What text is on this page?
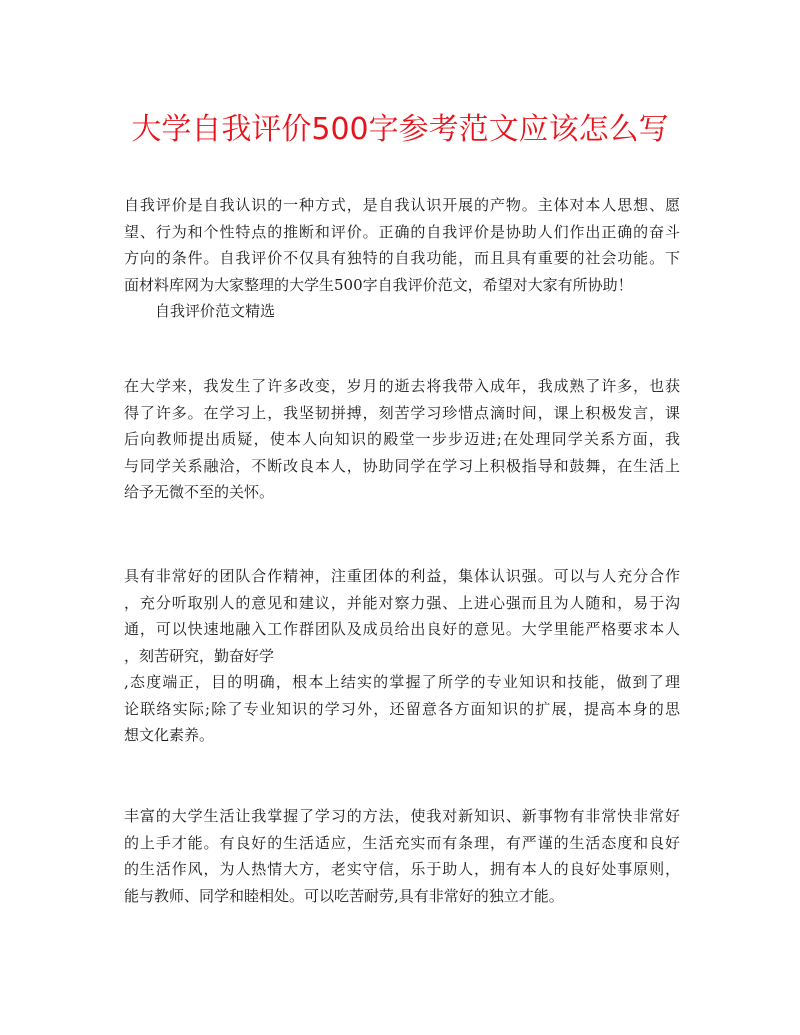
大学自我评价500字参考范文应该怎么写

自我评价是自我认识的一种方式，是自我认识开展的产物。主体对本人思想、愿
望、行为和个性特点的推断和评价。正确的自我评价是协助人们作出正确的奋斗
方向的条件。自我评价不仅具有独特的自我功能，而且具有重要的社会功能。下
面材料库网为大家整理的大学生500字自我评价范文，希望对大家有所协助！

自我评价范文精选

在大学来，我发生了许多改变，岁月的逝去将我带入成年，我成熟了许多，也获
得了许多。在学习上，我坚韧拼搏，刻苦学习珍惜点滴时间，课上积极发言，课
后向教师提出质疑，使本人向知识的殿堂一步步迈进;在处理同学关系方面，我
与同学关系融洽，不断改良本人，协助同学在学习上积极指导和鼓舞，在生活上
给予无微不至的关怀。

具有非常好的团队合作精神，注重团体的利益，集体认识强。可以与人充分合作
，充分听取别人的意见和建议，并能对察力强、上进心强而且为人随和，易于沟
通，可以快速地融入工作群团队及成员给出良好的意见。大学里能严格要求本人
，刻苦研究，勤奋好学
,态度端正，目的明确，根本上结实的掌握了所学的专业知识和技能，做到了理
论联络实际;除了专业知识的学习外，还留意各方面知识的扩展，提高本身的思
想文化素养。

丰富的大学生活让我掌握了学习的方法，使我对新知识、新事物有非常快非常好
的上手才能。有良好的生活适应，生活充实而有条理，有严谨的生活态度和良好
的生活作风，为人热情大方，老实守信，乐于助人，拥有本人的良好处事原则，
能与教师、同学和睦相处。可以吃苦耐劳,具有非常好的独立才能。
